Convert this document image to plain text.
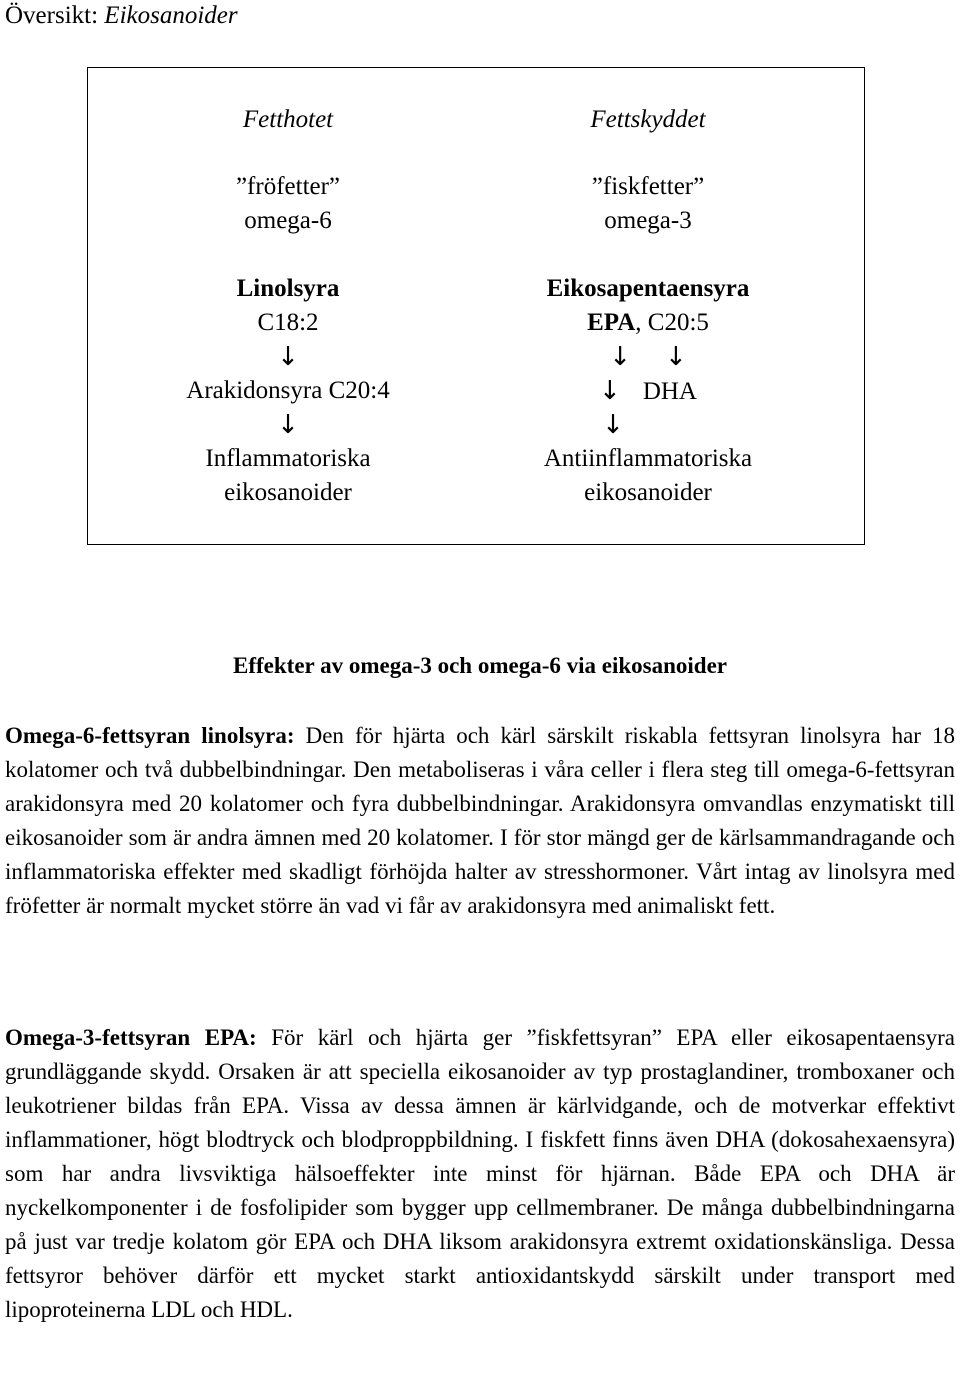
Översikt: Eikosanoider
Fetthotet
”fröfetter”
omega-6
Linolsyra
C18:2
↓
Arakidonsyra C20:4
↓
Inflammatoriska
eikosanoider
Fettskyddet
”fiskfetter”
omega-3
Eikosapentaensyra
EPA, C20:5
↓ ↓
↓ DHA
↓
Antiinflammatoriska
eikosanoider
Effekter av omega-3 och omega-6 via eikosanoider
Omega-6-fettsyran linolsyra: Den för hjärta och kärl särskilt riskabla fettsyran linolsyra har 18 kolatomer och två dubbelbindningar. Den metaboliseras i våra celler i flera steg till omega-6-fettsyran arakidonsyra med 20 kolatomer och fyra dubbelbindningar. Arakidonsyra omvandlas enzymatiskt till eikosanoider som är andra ämnen med 20 kolatomer. I för stor mängd ger de kärlsammandragande och inflammatoriska effekter med skadligt förhöjda halter av stresshormoner. Vårt intag av linolsyra med fröfetter är normalt mycket större än vad vi får av arakidonsyra med animaliskt fett.
Omega-3-fettsyran EPA: För kärl och hjärta ger ”fiskfettsyran” EPA eller eikosapentaensyra grundläggande skydd. Orsaken är att speciella eikosanoider av typ prostaglandiner, tromboxaner och leukotriener bildas från EPA. Vissa av dessa ämnen är kärlvidgande, och de motverkar effektivt inflammationer, högt blodtryck och blodproppbildning. I fiskfett finns även DHA (dokosahexaensyra) som har andra livsviktiga hälsoeffekter inte minst för hjärnan. Både EPA och DHA är nyckelkomponenter i de fosfolipider som bygger upp cellmembraner. De många dubbelbindningarna på just var tredje kolatom gör EPA och DHA liksom arakidonsyra extremt oxidationskänsliga. Dessa fettsyror behöver därför ett mycket starkt antioxidantskydd särskilt under transport med lipoproteinerna LDL och HDL.
